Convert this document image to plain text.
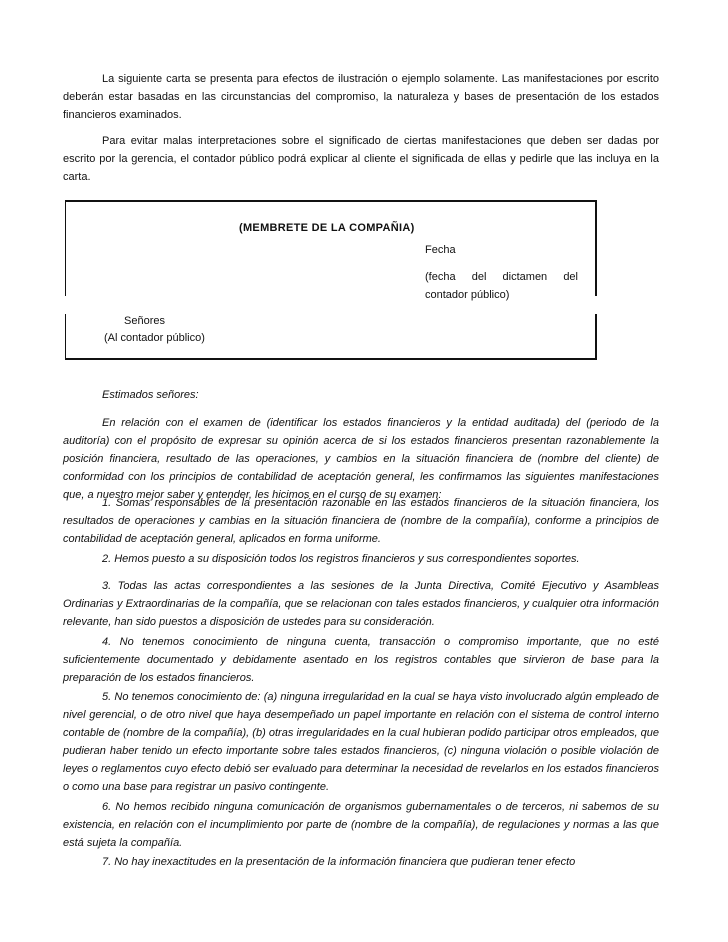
La siguiente carta se presenta para efectos de ilustración o ejemplo solamente. Las manifestaciones por escrito deberán estar basadas en las circunstancias del compromiso, la naturaleza y bases de presentación de los estados financieros examinados.

Para evitar malas interpretaciones sobre el significado de ciertas manifestaciones que deben ser dadas por escrito por la gerencia, el contador público podrá explicar al cliente el significada de ellas y pedirle que las incluya en la carta.

(MEMBRETE DE LA COMPAÑIA)

Fecha

(fecha del dictamen del
contador público)

Señores

(Al contador público)

Estimados señores:

En relación con el examen de (identificar los estados financieros y la entidad auditada) del (periodo de la auditoría) con el propósito de expresar su opinión acerca de si los estados financieros presentan razonablemente la posición financiera, resultado de las operaciones, y cambios en la situación financiera de (nombre del cliente) de conformidad con los principios de contabilidad de aceptación general, les confirmamos las siguientes manifestaciones que, a nuestro mejor saber y entender, les hicimos en el curso de su examen:

1. Somas responsables de la presentación razonable en las estados financieros de la situación financiera, los resultados de operaciones y cambias en la situación financiera de (nombre de la compañía), conforme a principios de contabilidad de aceptación general, aplicados en forma uniforme.

2. Hemos puesto a su disposición todos los registros financieros y sus correspondientes soportes.

3. Todas las actas correspondientes a las sesiones de la Junta Directiva, Comité Ejecutivo y Asambleas Ordinarias y Extraordinarias de la compañía, que se relacionan con tales estados financieros, y cualquier otra información relevante, han sido puestos a disposición de ustedes para su consideración.

4. No tenemos conocimiento de ninguna cuenta, transacción o compromiso importante, que no esté suficientemente documentado y debidamente asentado en los registros contables que sirvieron de base para la preparación de los estados financieros.

5. No tenemos conocimiento de: (a) ninguna irregularidad en la cual se haya visto involucrado algún empleado de nivel gerencial, o de otro nivel que haya desempeñado un papel importante en relación con el sistema de control interno contable de (nombre de la compañía), (b) otras irregularidades en la cual hubieran podido participar otros empleados, que pudieran haber tenido un efecto importante sobre tales estados financieros, (c) ninguna violación o posible violación de leyes o reglamentos cuyo efecto debió ser evaluado para determinar la necesidad de revelarlos en los estados financieros o como una base para registrar un pasivo contingente.

6. No hemos recibido ninguna comunicación de organismos gubernamentales o de terceros, ni sabemos de su existencia, en relación con el incumplimiento por parte de (nombre de la compañía), de regulaciones y normas a las que está sujeta la compañía.

7. No hay inexactitudes en la presentación de la información financiera que pudieran tener efecto
